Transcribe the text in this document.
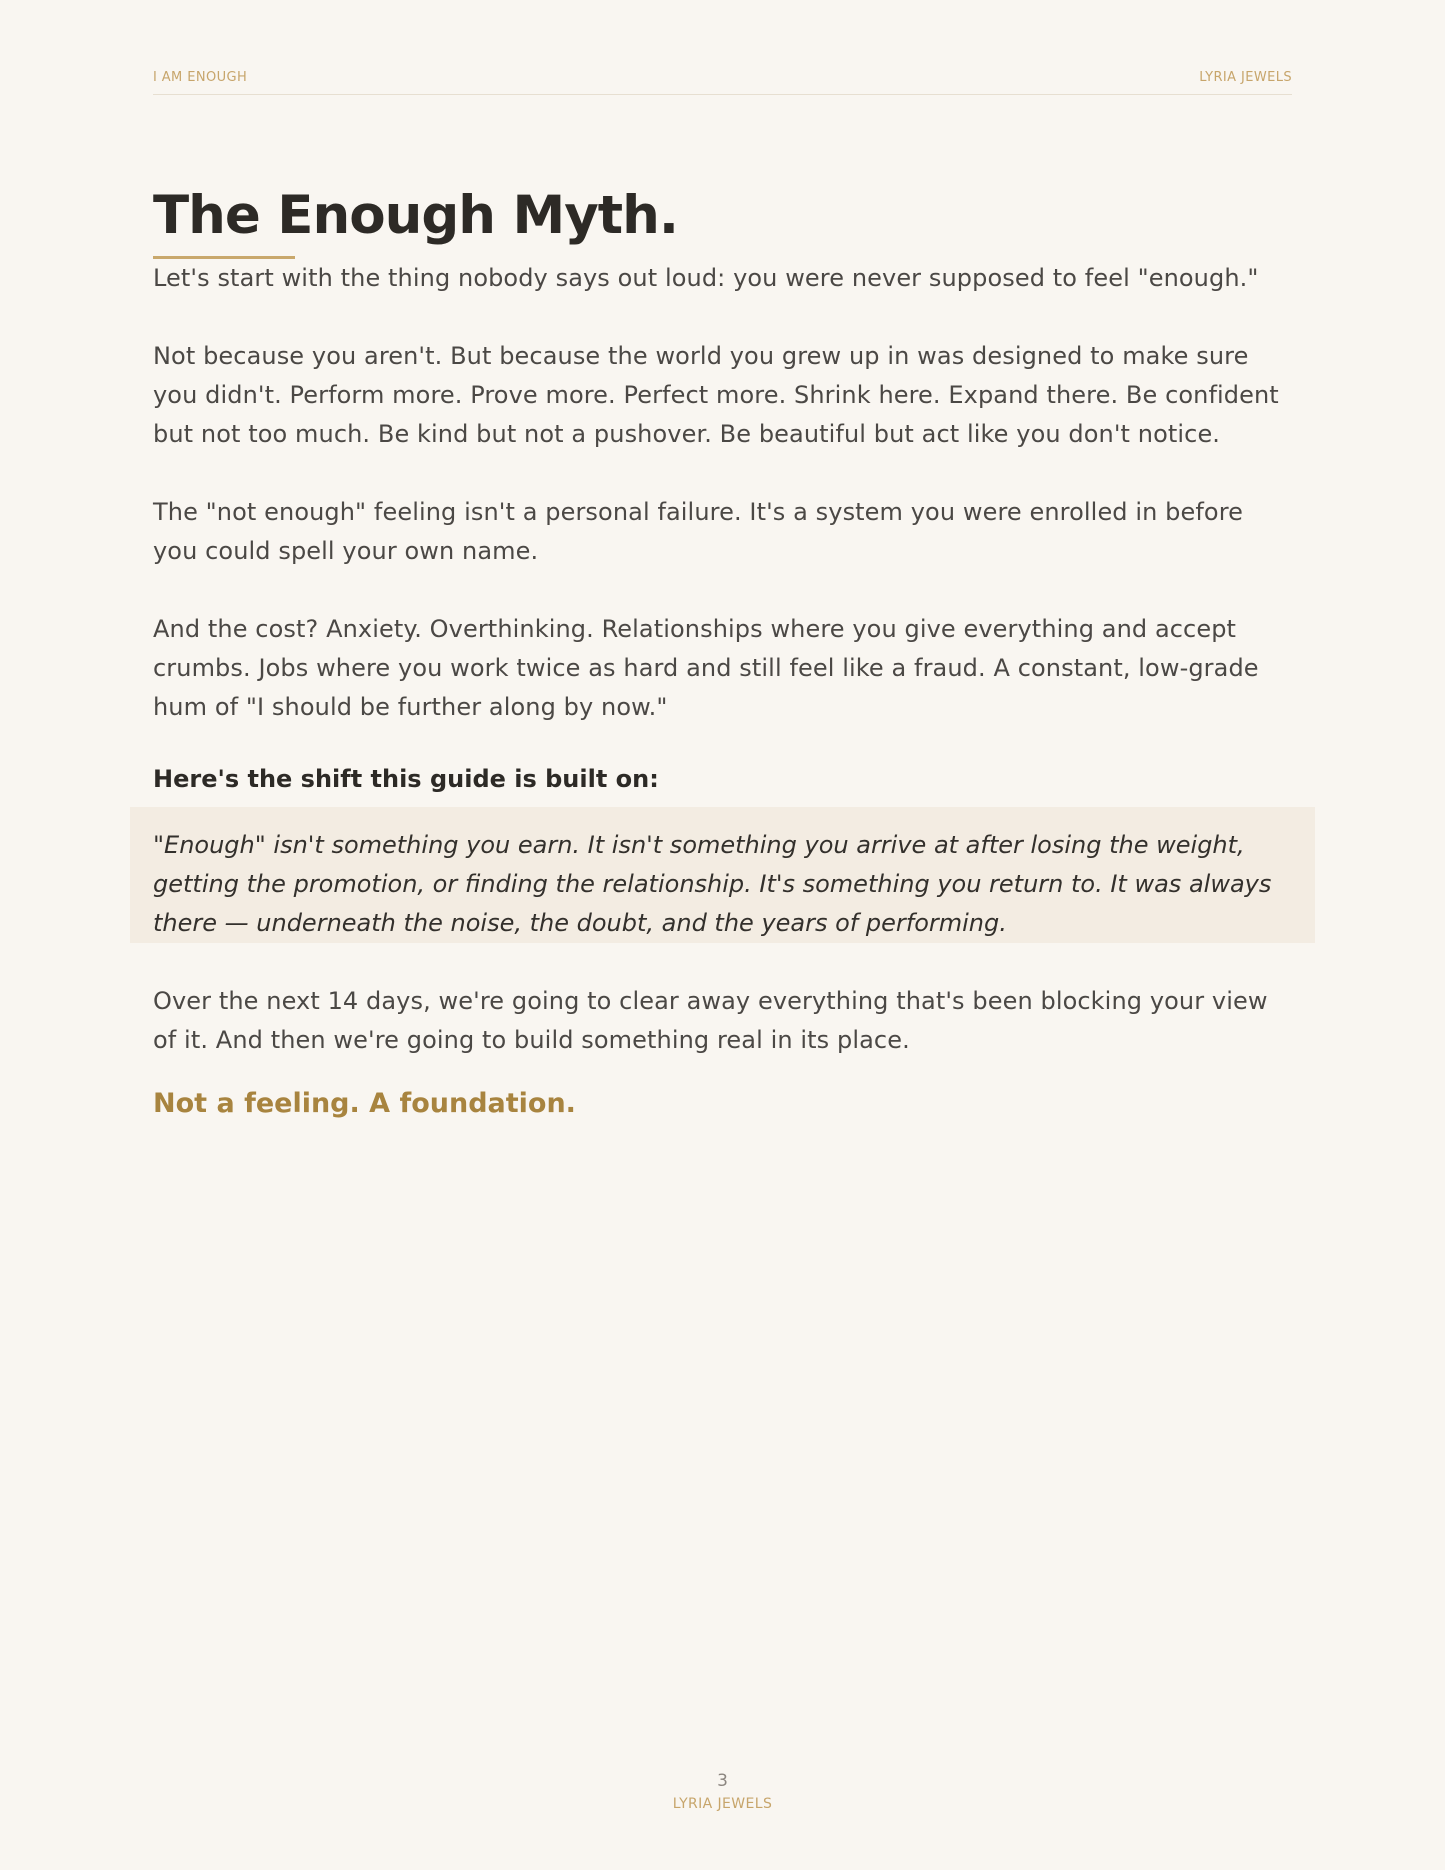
I AM ENOUGH	LYRIA JEWELS
The Enough Myth.

Let's start with the thing nobody says out loud: you were never supposed to feel "enough."

Not because you aren't. But because the world you grew up in was designed to make sure you didn't. Perform more. Prove more. Perfect more. Shrink here. Expand there. Be confident but not too much. Be kind but not a pushover. Be beautiful but act like you don't notice.

The "not enough" feeling isn't a personal failure. It's a system you were enrolled in before you could spell your own name.

And the cost? Anxiety. Overthinking. Relationships where you give everything and accept crumbs. Jobs where you work twice as hard and still feel like a fraud. A constant, low-grade hum of "I should be further along by now."

Here's the shift this guide is built on:

"Enough" isn't something you earn. It isn't something you arrive at after losing the weight, getting the promotion, or finding the relationship. It's something you return to. It was always there — underneath the noise, the doubt, and the years of performing.

Over the next 14 days, we're going to clear away everything that's been blocking your view of it. And then we're going to build something real in its place.

Not a feeling. A foundation.

3
LYRIA JEWELS
